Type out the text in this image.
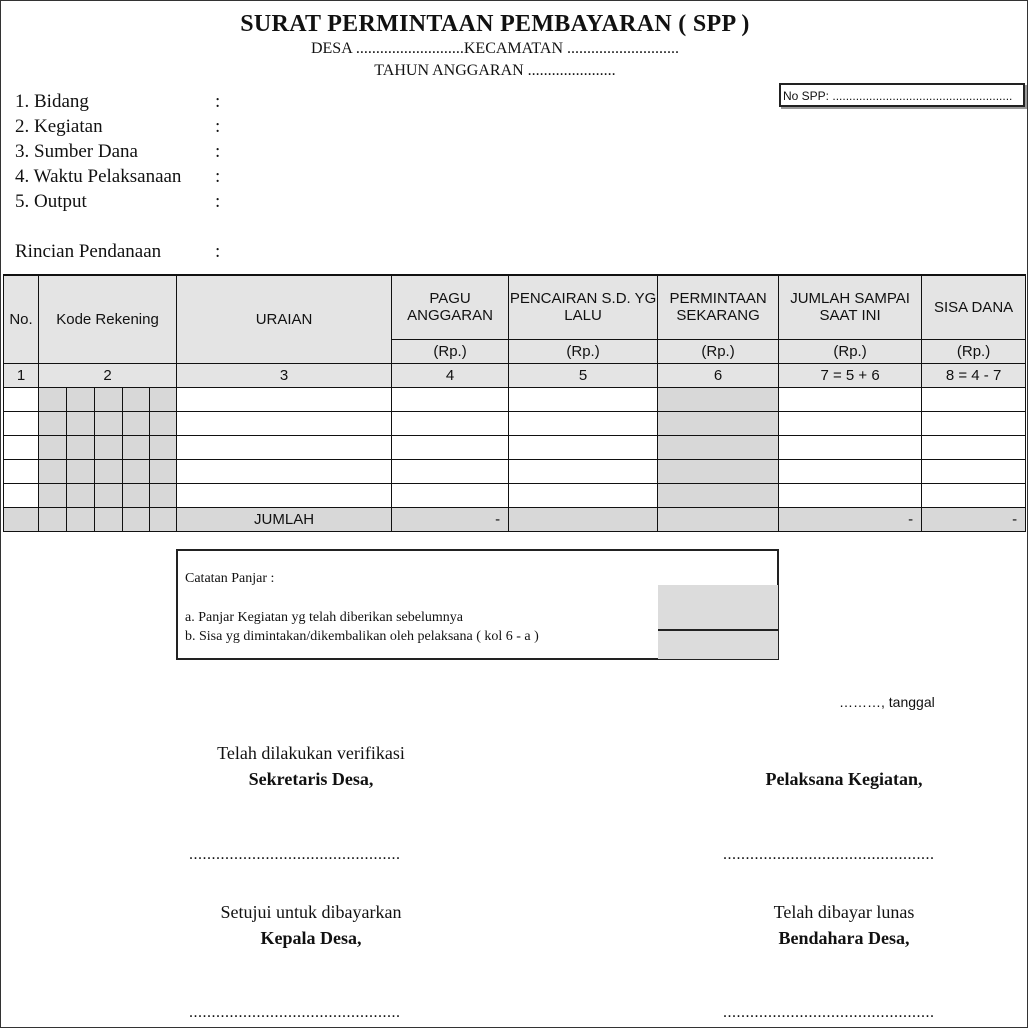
SURAT PERMINTAAN PEMBAYARAN ( SPP )
DESA ...........................KECAMATAN ............................
TAHUN ANGGARAN ......................
No SPP: ......................................................
1. Bidang	:
2. Kegiatan	:
3. Sumber Dana	:
4. Waktu Pelaksanaan :
5. Output	:
Rincian Pendanaan	:
No.	Kode Rekening					URAIAN	PAGU ANGGARAN	PENCAIRAN S.D. YG LALU	PERMINTAAN SEKARANG	JUMLAH SAMPAI SAAT INI	SISA DANA
							(Rp.)	(Rp.)	(Rp.)	(Rp.)	(Rp.)
1	2					3	4	5	6	7 = 5 + 6	8 = 4 - 7

						JUMLAH	-			-	-
Catatan Panjar :
a. Panjar Kegiatan yg telah diberikan sebelumnya
b. Sisa yg dimintakan/dikembalikan oleh pelaksana ( kol 6 - a )
………, tanggal
Telah dilakukan verifikasi
Sekretaris Desa,	Pelaksana Kegiatan,
...............................................	...............................................
Setujui untuk dibayarkan
Kepala Desa,
Telah dibayar lunas
Bendahara Desa,
...............................................	...............................................
